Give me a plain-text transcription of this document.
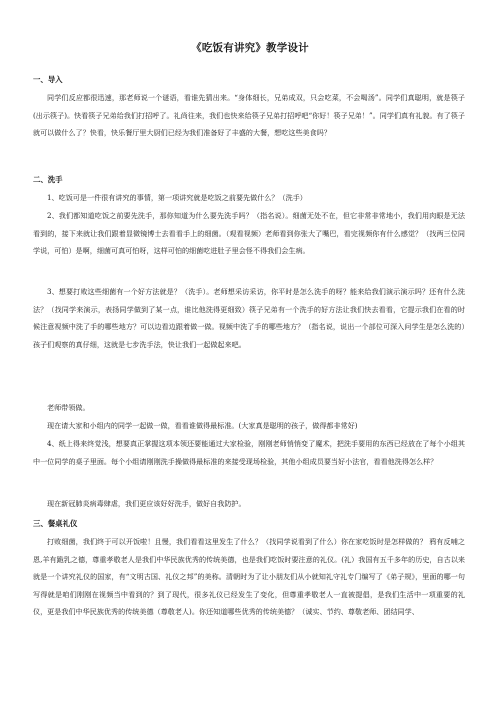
《吃饭有讲究》教学设计
一、导入

同学们反应都很迅速，那老师说一个谜语，看谁先猜出来。“身体细长，兄弟成双，只会吃菜，不会喝汤”。同学们真聪明，就是筷子(出示筷子)。快看筷子兄弟给我们打招呼了。礼尚往来，我们也快来给筷子兄弟打招呼吧“你好！筷子兄弟！”。同学们真有礼貌。有了筷子就可以做什么了？快看，快乐餐厅里大厨们已经为我们准备好了丰盛的大餐，想吃这些美食吗？

二、洗手

1、吃饭可是一件很有讲究的事情，第一项讲究就是吃饭之前要先做什么？（洗手）

2、我们都知道吃饭之前要先洗手，那你知道为什么要先洗手吗？（指名说）。细菌无处不在，但它非常非常地小，我们用肉眼是无法看到的，接下来就让我们跟着显微镜博士去看看手上的细菌。（观看视频）老师看到你张大了嘴巴，看完视频你有什么感觉？（找两三位同学说，可怕）是啊，细菌可真可怕呀，这样可怕的细菌吃进肚子里会怪不得我们会生病。

3、想要打败这些细菌有一个好方法就是？（洗手）。老师想采访采访，你平时是怎么洗手的呀？能来给我们演示演示吗？还有什么洗法？（找同学来演示，表扬同学做到了某一点，谁比他洗得更细致）筷子兄弟有一个洗手的好方法让我们快去看看，它提示我们在看的时候注意视频中洗了手的哪些地方？可以边看边跟着做一做。视频中洗了手的哪些地方？（指名说，说出一个部位可深入问学生是怎么洗的）孩子们观察的真仔细，这就是七步洗手法，快让我们一起做起来吧。

老师带领做。

现在请大家和小组内的同学一起做一做，看看谁做得最标准。(大家真是聪明的孩子，做得都非常好)

4、纸上得来终觉浅，想要真正掌握这项本领还要能通过大家检验，刚刚老师悄悄变了魔术，把洗手要用的东西已经放在了每个小组其中一位同学的桌子里面。每个小组请刚刚洗手操做得最标准的来接受现场检验，其他小组成员要当好小法官，看看他洗得怎么样？

现在新冠肺炎病毒肆虐，我们更应该好好洗手，做好自我防护。

三、餐桌礼仪

打败细菌，我们终于可以开饭啦！且慢，我们看看这里发生了什么？（找同学说看到了什么）你在家吃饭时是怎样做的？ 鸦有反哺之恩,羊有跪乳之德，尊重孝敬老人是我们中华民族优秀的传统美德，也是我们吃饭时要注意的礼仪。(礼）我国有五千多年的历史，自古以来就是一个讲究礼仪的国家，有“文明古国、礼仪之邦”的美称。清朝时为了让小朋友们从小就知礼守礼专门编写了《弟子规》，里面的哪一句写得就是咱们刚刚在视频当中看到的？到了现代，很多礼仪已经发生了变化，但尊重孝敬老人一直被提倡，是我们生活中一项重要的礼仪，更是我们中华民族优秀的传统美德（尊敬老人)。你还知道哪些优秀的传统美德？（诚实、节约、尊敬老师、团结同学、
